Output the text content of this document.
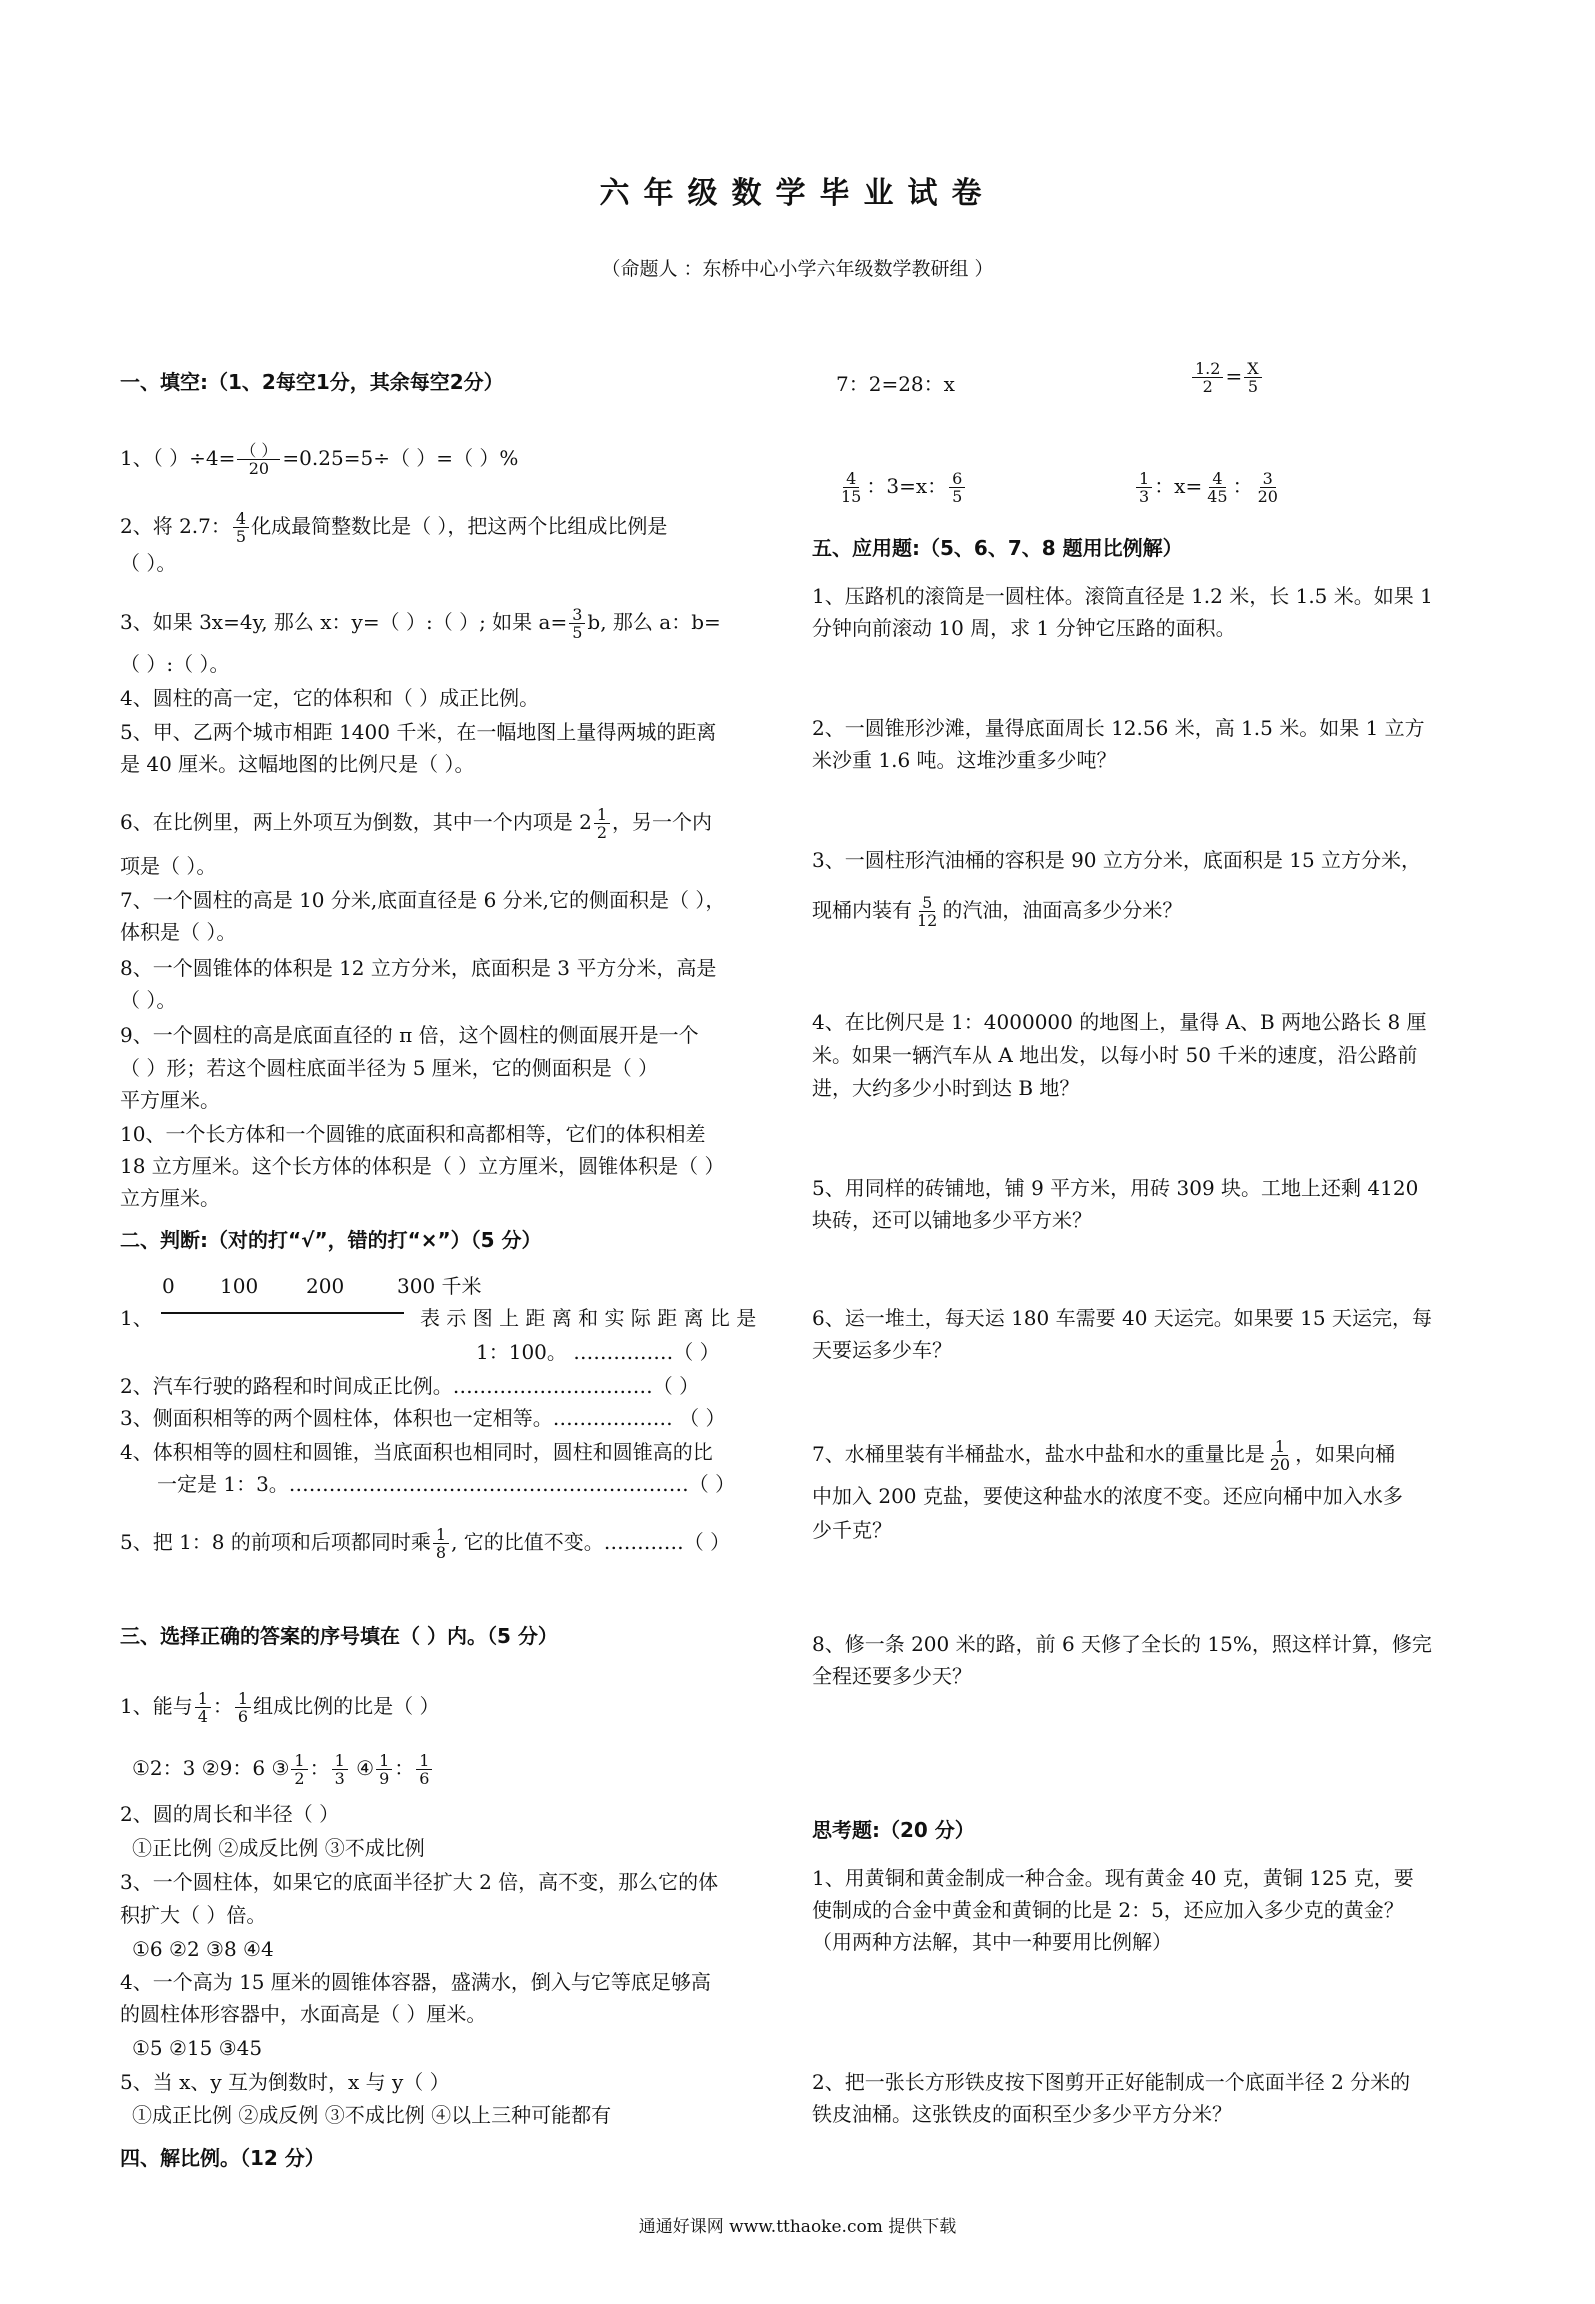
六年级数学毕业试卷
（命题人 ：东桥中心小学六年级数学教研组 ）
一、填空:（1、2每空1分，其余每空2分）
1、（ ）$\div 4= \frac{( )}{20} =0.25=5\div$（ ）=（ ）%
2、将 2.7： $\frac{4}{5}$ 化成最简整数比是（ ），把这两个比组成比例是
（ ）。
3、如果 3x=4y, 那么 x：y=（ ）:（ ）; 如果 $a= \frac{3}{5} b$, 那么 a：b=
（ ）:（ ）。
4、圆柱的高一定，它的体积和（ ）成正比例。
5、甲、乙两个城市相距 1400 千米，在一幅地图上量得两城的距离
是 40 厘米。这幅地图的比例尺是（ ）。
6、在比例里，两上外项互为倒数，其中一个内项是 $2 \frac{1}{2}$ ，另一个内
项是（ ）。
7、一个圆柱的高是 10 分米,底面直径是 6 分米,它的侧面积是（ ），
体积是（ ）。
8、一个圆锥体的体积是 12 立方分米，底面积是 3 平方分米，高是
（ ）。
9、一个圆柱的高是底面直径的 π 倍，这个圆柱的侧面展开是一个
（ ）形；若这个圆柱底面半径为 5 厘米，它的侧面积是（ ）
平方厘米。
10、一个长方体和一个圆锥的底面积和高都相等，它们的体积相差
18 立方厘米。这个长方体的体积是（ ）立方厘米，圆锥体积是（ ）
立方厘米。
二、判断:（对的打“√”，错的打“×”）（5 分）
0 100 200	300 千米
1、	表 示 图 上 距 离 和 实 际 距 离 比 是
1：100。 ……………（ ）
2、汽车行驶的路程和时间成正比例。…………………………（ ）
3、侧面积相等的两个圆柱体，体积也一定相等。……………… （ ）
4、体积相等的圆柱和圆锥，当底面积也相同时，圆柱和圆锥高的比
一定是 1：3。……………………………………………………（ ）
5、把 1：8 的前项和后项都同时乘 $\frac{1}{8}$ , 它的比值不变。…………（ ）
三、选择正确的答案的序号填在（ ）内。（5 分）
1、能与 $\frac{1}{4}$ ： $\frac{1}{6}$ 组成比例的比是（ ）
①2：3 ②9：6 ③ $\frac{1}{2}$ ： $\frac{1}{3}$ ④ $\frac{1}{9}$ ： $\frac{1}{6}$
2、圆的周长和半径（ ）
①正比例 ②成反比例 ③不成比例
3、一个圆柱体，如果它的底面半径扩大 2 倍，高不变，那么它的体
积扩大（ ）倍。
①6 ②2 ③8 ④4
4、一个高为 15 厘米的圆锥体容器，盛满水，倒入与它等底足够高
的圆柱体形容器中，水面高是（ ）厘米。
①5 ②15 ③45
5、当 x、y 互为倒数时，x 与 y（ ）
①成正比例 ②成反例 ③不成比例 ④以上三种可能都有
四、解比例。（12 分）
7：2=28：x	$\frac{1.2}{2} = \frac{X}{5}$
$\frac{4}{15}$ ：3=x： $\frac{6}{5}$	$\frac{1}{3}$ ：$x= \frac{4}{45}$ ： $\frac{3}{20}$
五、应用题:（5、6、7、8 题用比例解）
1、压路机的滚筒是一圆柱体。滚筒直径是 1.2 米，长 1.5 米。如果 1
分钟向前滚动 10 周，求 1 分钟它压路的面积。
2、一圆锥形沙滩，量得底面周长 12.56 米，高 1.5 米。如果 1 立方
米沙重 1.6 吨。这堆沙重多少吨？
3、一圆柱形汽油桶的容积是 90 立方分米，底面积是 15 立方分米，
现桶内装有 $\frac{5}{12}$ 的汽油，油面高多少分米？
4、在比例尺是 1：4000000 的地图上，量得 A、B 两地公路长 8 厘
米。如果一辆汽车从 A 地出发，以每小时 50 千米的速度，沿公路前
进，大约多少小时到达 B 地？
5、用同样的砖铺地，铺 9 平方米，用砖 309 块。工地上还剩 4120
块砖，还可以铺地多少平方米？
6、运一堆土，每天运 180 车需要 40 天运完。如果要 15 天运完，每
天要运多少车？
7、水桶里装有半桶盐水，盐水中盐和水的重量比是 $\frac{1}{20}$ ，如果向桶
中加入 200 克盐，要使这种盐水的浓度不变。还应向桶中加入水多
少千克？
8、修一条 200 米的路，前 6 天修了全长的 15%，照这样计算，修完
全程还要多少天？
思考题:（20 分）
1、用黄铜和黄金制成一种合金。现有黄金 40 克，黄铜 125 克，要
使制成的合金中黄金和黄铜的比是 2：5，还应加入多少克的黄金？
（用两种方法解，其中一种要用比例解）
2、把一张长方形铁皮按下图剪开正好能制成一个底面半径 2 分米的
铁皮油桶。这张铁皮的面积至少多少平方分米？
通通好课网 www.tthaoke.com 提供下载
